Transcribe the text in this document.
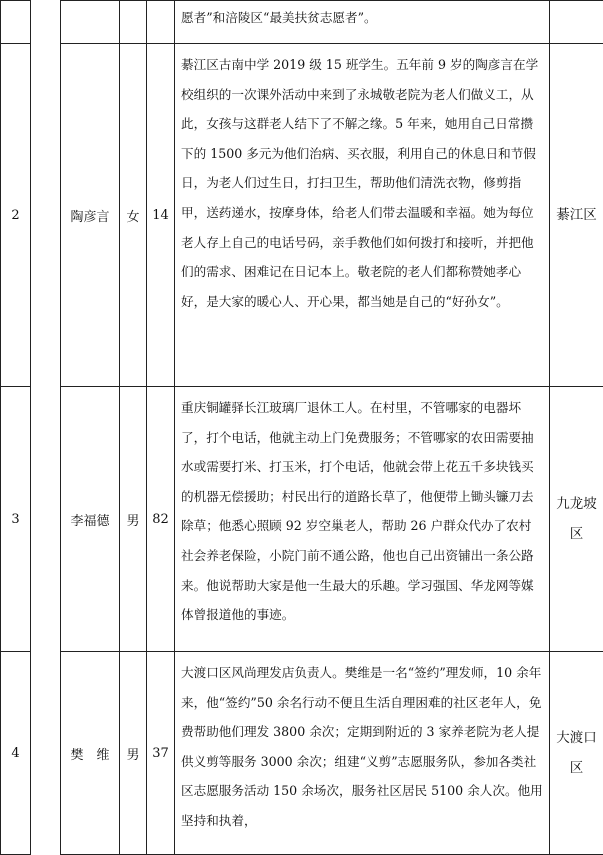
					愿者”和涪陵区“最美扶贫志愿者”。	
2		陶彦言	女	14	綦江区古南中学 2019 级 15 班学生。五年前 9 岁的陶彦言在学校组织的一次课外活动中来到了永城敬老院为老人们做义工，从此，女孩与这群老人结下了不解之缘。5 年来，她用自己日常攒下的 1500 多元为他们治病、买衣服，利用自己的休息日和节假日，为老人们过生日，打扫卫生，帮助他们清洗衣物，修剪指甲，送药递水，按摩身体，给老人们带去温暖和幸福。她为每位老人存上自己的电话号码，亲手教他们如何拨打和接听，并把他们的需求、困难记在日记本上。敬老院的老人们都称赞她孝心好，是大家的暖心人、开心果，都当她是自己的“好孙女”。	綦江区
3		李福德	男	82	重庆铜罐驿长江玻璃厂退休工人。在村里，不管哪家的电器坏了，打个电话，他就主动上门免费服务；不管哪家的农田需要抽水或需要打米、打玉米，打个电话，他就会带上花五千多块钱买的机器无偿援助；村民出行的道路长草了，他便带上锄头镰刀去除草；他悉心照顾 92 岁空巢老人，帮助 26 户群众代办了农村社会养老保险，小院门前不通公路，他也自己出资铺出一条公路来。他说帮助大家是他一生最大的乐趣。学习强国、华龙网等媒体曾报道他的事迹。	九龙坡区
4		樊　维	男	37	大渡口区风尚理发店负责人。樊维是一名“签约”理发师，10 余年来，他“签约”50 余名行动不便且生活自理困难的社区老年人，免费帮助他们理发 3800 余次；定期到附近的 3 家养老院为老人提供义剪等服务 3000 余次；组建“义剪”志愿服务队，参加各类社区志愿服务活动 150 余场次，服务社区居民 5100 余人次。他用坚持和执着，	大渡口区
